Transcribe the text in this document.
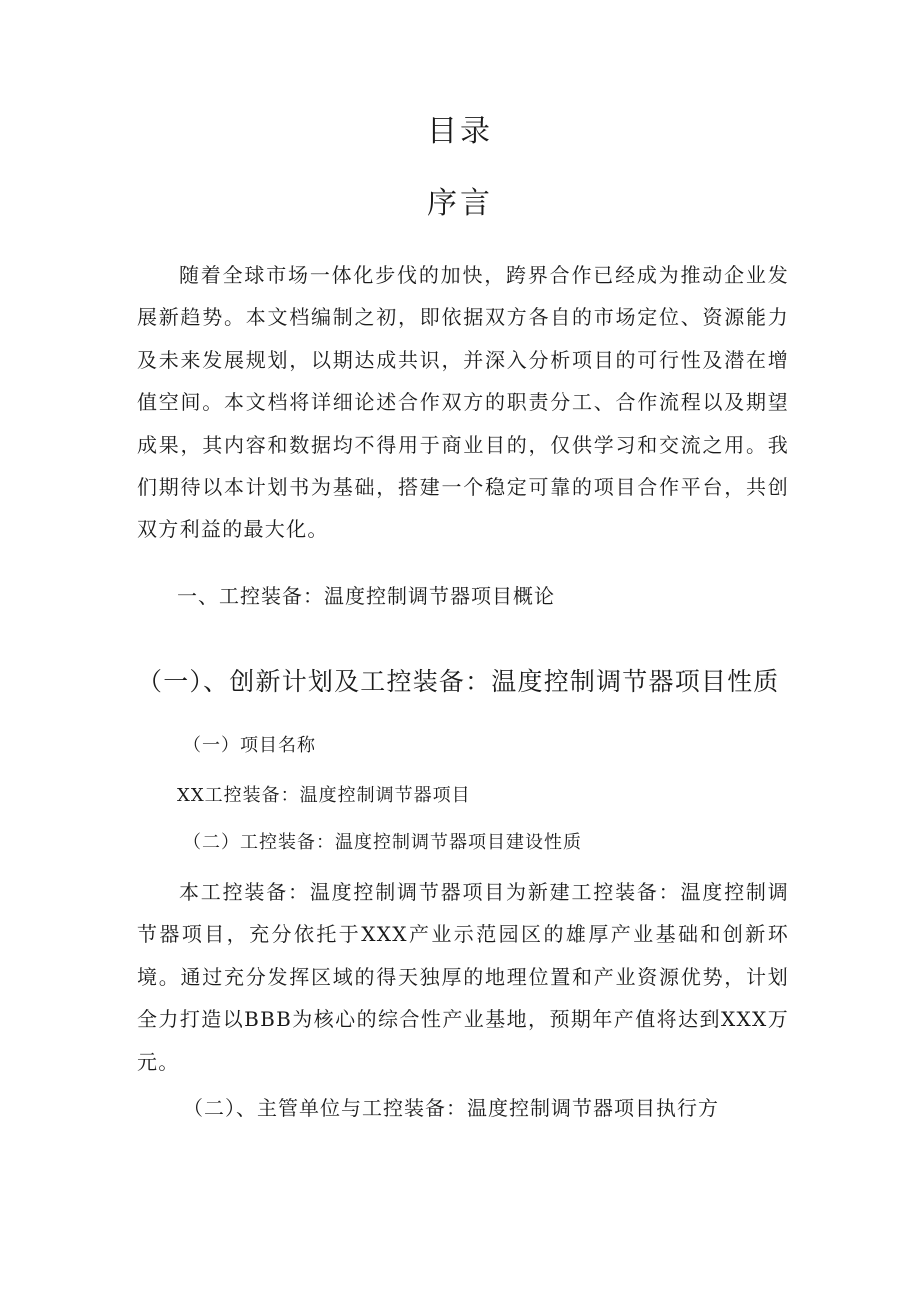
目录
序言

随着全球市场一体化步伐的加快，跨界合作已经成为推动企业发展新趋势。本文档编制之初，即依据双方各自的市场定位、资源能力及未来发展规划，以期达成共识，并深入分析项目的可行性及潜在增值空间。本文档将详细论述合作双方的职责分工、合作流程以及期望成果，其内容和数据均不得用于商业目的，仅供学习和交流之用。我们期待以本计划书为基础，搭建一个稳定可靠的项目合作平台，共创双方利益的最大化。

一、工控装备：温度控制调节器项目概论
（一）、创新计划及工控装备：温度控制调节器项目性质
（一）项目名称
XX工控装备：温度控制调节器项目
（二）工控装备：温度控制调节器项目建设性质

本工控装备：温度控制调节器项目为新建工控装备：温度控制调节器项目，充分依托于XXX产业示范园区的雄厚产业基础和创新环境。通过充分发挥区域的得天独厚的地理位置和产业资源优势，计划全力打造以BBB为核心的综合性产业基地，预期年产值将达到XXX万元。

（二）、主管单位与工控装备：温度控制调节器项目执行方
